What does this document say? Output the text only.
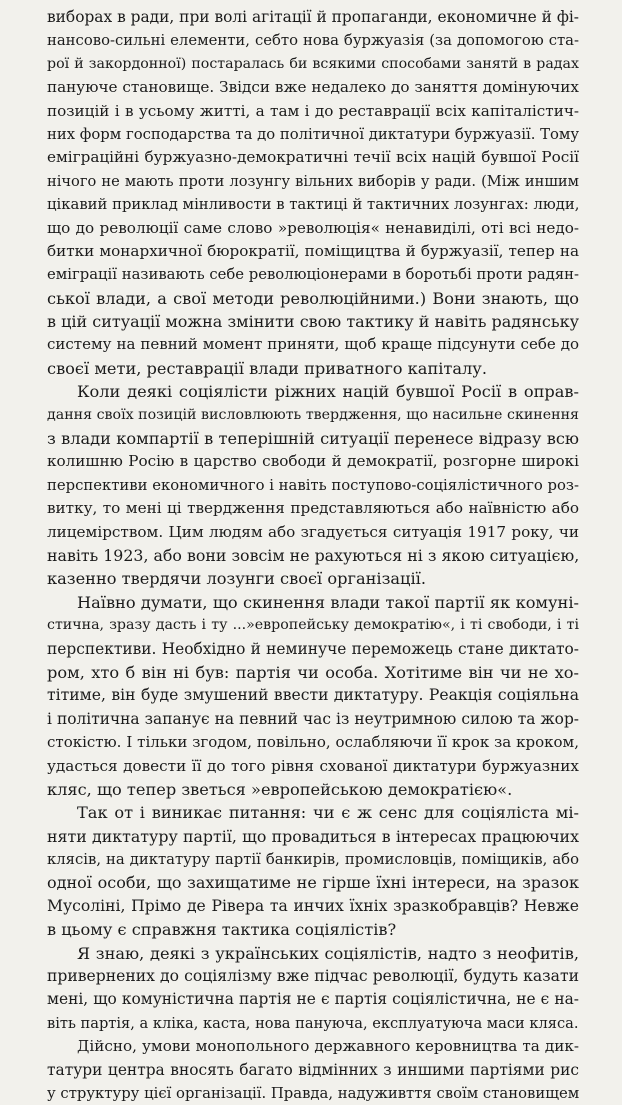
виборах в ради, при волі агітації й пропаганди, економичне й фі-
нансово-сильні елементи, себто нова буржуазія (за допомогою ста-
рої й закордонної) постаралась би всякими способами занятй в радах
пануюче становище. Звідси вже недалеко до заняття домінуючих
позицій і в усьому житті, а там і до реставрації всіх капіталістич-
них форм господарства та до політичної диктатури буржуазії. Тому
еміграційні буржуазно-демократичні течії всіх націй бувшої Росії
нічого не мають проти лозунгу вільних виборів у ради. (Між иншим
цікавий приклад мінливости в тактиці й тактичних лозунгах: люди,
що до революції саме слово »революція« ненавиділі, оті всі недо-
битки монархичної бюрократії, поміщицтва й буржуазії, тепер на
еміграції називають себе революціонерами в боротьбі проти радян-
ської влади, а свої методи революційними.) Вони знають, що
в цій ситуації можна змінити свою тактику й навіть радянську
систему на певний момент приняти, щоб краще підсунути себе до
своєї мети, реставрації влади приватного капіталу.
Коли деякі соціялісти ріжних націй бувшої Росії в оправ-
дання своїх позицій висловлюють твердження, що насильне скинення
з влади компартії в теперішній ситуації перенесе відразу всю
колишню Росію в царство свободи й демократії, розгорне широкі
перспективи економичного і навіть поступово-соціялістичного роз-
витку, то мені ці твердження представляються або наївністю або
лицемірством. Цим людям або згадується ситуація 1917 року, чи
навіть 1923, або вони зовсім не рахуються ні з якою ситуацією,
казенно твердячи лозунги своєї організації.
Наївно думати, що скинення влади такої партії як комуні-
стична, зразу дасть і ту ...»европейську демократію«, і ті свободи, і ті
перспективи. Необхідно й неминуче переможець стане диктато-
ром, хто б він ні був: партія чи особа. Хотітиме він чи не хо-
тітиме, він буде змушений ввести диктатуру. Реакція соціяльна
і політична запанує на певний час із неутримною силою та жор-
стокістю. І тільки згодом, повільно, ослабляючи її крок за кроком,
удасться довести її до того рівня схованої диктатури буржуазних
кляс, що тепер зветься »европейською демократією«.
Так от і виникає питання: чи є ж сенс для соціяліста мі-
няти диктатуру партії, що провадиться в інтересах працюючих
клясів, на диктатуру партії банкирів, промисловців, поміщиків, або
одної особи, що захищатиме не гірше їхні інтереси, на зразок
Мусоліні, Прімо де Рівера та инчих їхніх зразкобравців? Невже
в цьому є справжня тактика соціялістів?
Я знаю, деякі з українських соціялістів, надто з неофитів,
привернених до соціялізму вже підчас революції, будуть казати
мені, що комуністична партія не є партія соціялістична, не є на-
віть партія, а кліка, каста, нова пануюча, експлуатуюча маси кляса.
Дійсно, умови монопольного державного керовництва та дик-
татури центра вносять багато відмінних з иншими партіями рис
у структуру цієї організації. Правда, надуживття своїм становищем
